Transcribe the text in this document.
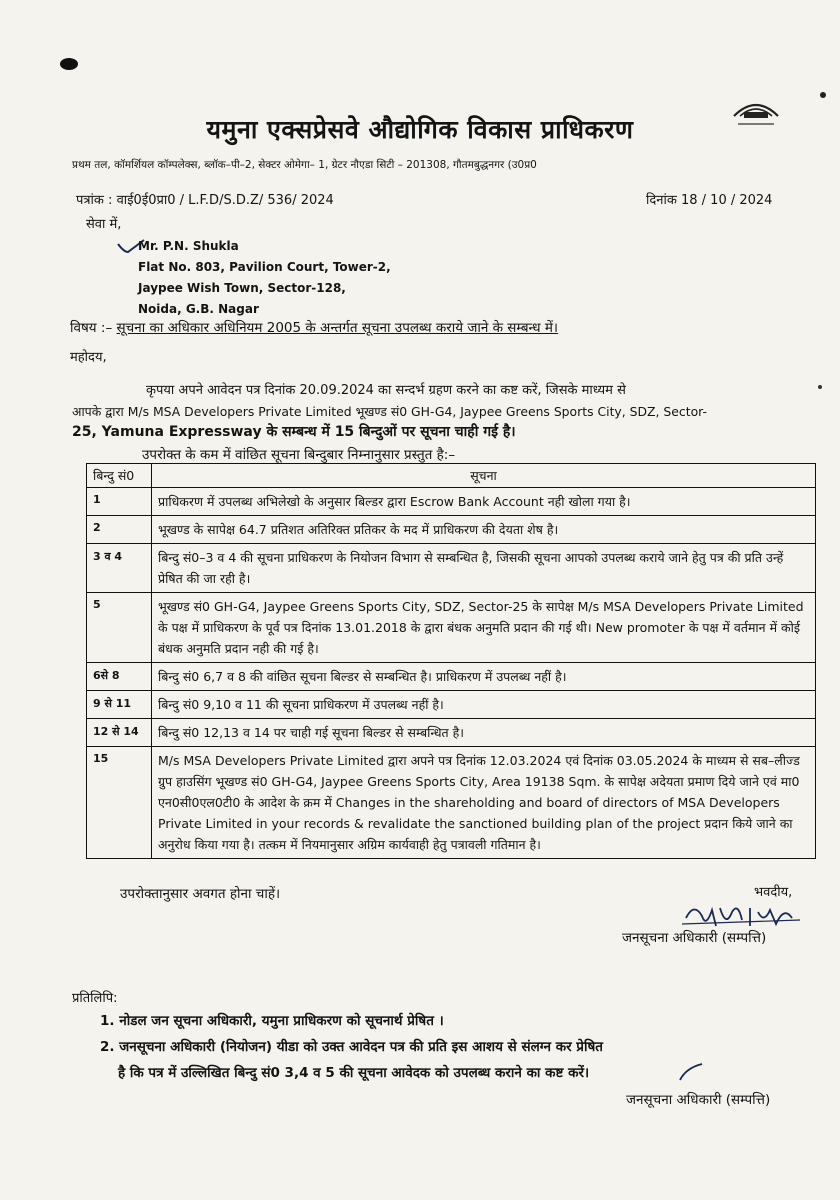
यमुना एक्सप्रेसवे औद्योगिक विकास प्राधिकरण
प्रथम तल, कॉमर्शियल कॉम्पलेक्स, ब्लॉक–पी–2, सेक्टर ओमेगा– 1, ग्रेटर नौएडा सिटी – 201308, गौतमबुद्धनगर (उ0प्र0
पत्रांक : वाई0ई0प्रा0 / L.F.D/S.D.Z/ 536/ 2024	दिनांक 18 / 10 / 2024
सेवा में,
Mr. P.N. Shukla
Flat No. 803, Pavilion Court, Tower-2,
Jaypee Wish Town, Sector-128,
Noida, G.B. Nagar
विषय :– सूचना का अधिकार अधिनियम 2005 के अन्तर्गत सूचना उपलब्ध कराये जाने के सम्बन्ध में।
महोदय,
कृपया अपने आवेदन पत्र दिनांक 20.09.2024 का सन्दर्भ ग्रहण करने का कष्ट करें, जिसके माध्यम से
आपके द्वारा M/s MSA Developers Private Limited भूखण्ड सं0 GH-G4, Jaypee Greens Sports City, SDZ, Sector-
25, Yamuna Expressway के सम्बन्ध में 15 बिन्दुओं पर सूचना चाही गई है।
उपरोक्त के कम में वांछित सूचना बिन्दुबार निम्नानुसार प्रस्तुत है:–
बिन्दु सं0	सूचना
1	प्राधिकरण में उपलब्ध अभिलेखो के अनुसार बिल्डर द्वारा Escrow Bank Account नही खोला गया है।
2	भूखण्ड के सापेक्ष 64.7 प्रतिशत अतिरिक्त प्रतिकर के मद में प्राधिकरण की देयता शेष है।
3 व 4	बिन्दु सं0–3 व 4 की सूचना प्राधिकरण के नियोजन विभाग से सम्बन्धित है, जिसकी सूचना आपको उपलब्ध कराये जाने हेतु पत्र की प्रति उन्हें प्रेषित की जा रही है।
5	भूखण्ड सं0 GH-G4, Jaypee Greens Sports City, SDZ, Sector-25 के सापेक्ष M/s MSA Developers Private Limited के पक्ष में प्राधिकरण के पूर्व पत्र दिनांक 13.01.2018 के द्वारा बंधक अनुमति प्रदान की गई थी। New promoter के पक्ष में वर्तमान में कोई बंधक अनुमति प्रदान नही की गई है।
6से 8	बिन्दु सं0 6,7 व 8 की वांछित सूचना बिल्डर से सम्बन्धित है। प्राधिकरण में उपलब्ध नहीं है।
9 से 11	बिन्दु सं0 9,10 व 11 की सूचना प्राधिकरण में उपलब्ध नहीं है।
12 से 14	बिन्दु सं0 12,13 व 14 पर चाही गई सूचना बिल्डर से सम्बन्धित है।
15	M/s MSA Developers Private Limited द्वारा अपने पत्र दिनांक 12.03.2024 एवं दिनांक 03.05.2024 के माध्यम से सब–लीज्ड ग्रुप हाउसिंग भूखण्ड सं0 GH-G4, Jaypee Greens Sports City, Area 19138 Sqm. के सापेक्ष अदेयता प्रमाण दिये जाने एवं मा0 एन0सी0एल0टी0 के आदेश के क्रम में Changes in the shareholding and board of directors of MSA Developers Private Limited in your records & revalidate the sanctioned building plan of the project प्रदान किये जाने का अनुरोध किया गया है। तत्कम में नियमानुसार अग्रिम कार्यवाही हेतु पत्रावली गतिमान है।
उपरोक्तानुसार अवगत होना चाहें।	भवदीय,
जनसूचना अधिकारी (सम्पत्ति)
प्रतिलिपि:
1. नोडल जन सूचना अधिकारी, यमुना प्राधिकरण को सूचनार्थ प्रेषित ।
2. जनसूचना अधिकारी (नियोजन) यीडा को उक्त आवेदन पत्र की प्रति इस आशय से संलग्न कर प्रेषित
है कि पत्र में उल्लिखित बिन्दु सं0 3,4 व 5 की सूचना आवेदक को उपलब्ध कराने का कष्ट करें।
जनसूचना अधिकारी (सम्पत्ति)
